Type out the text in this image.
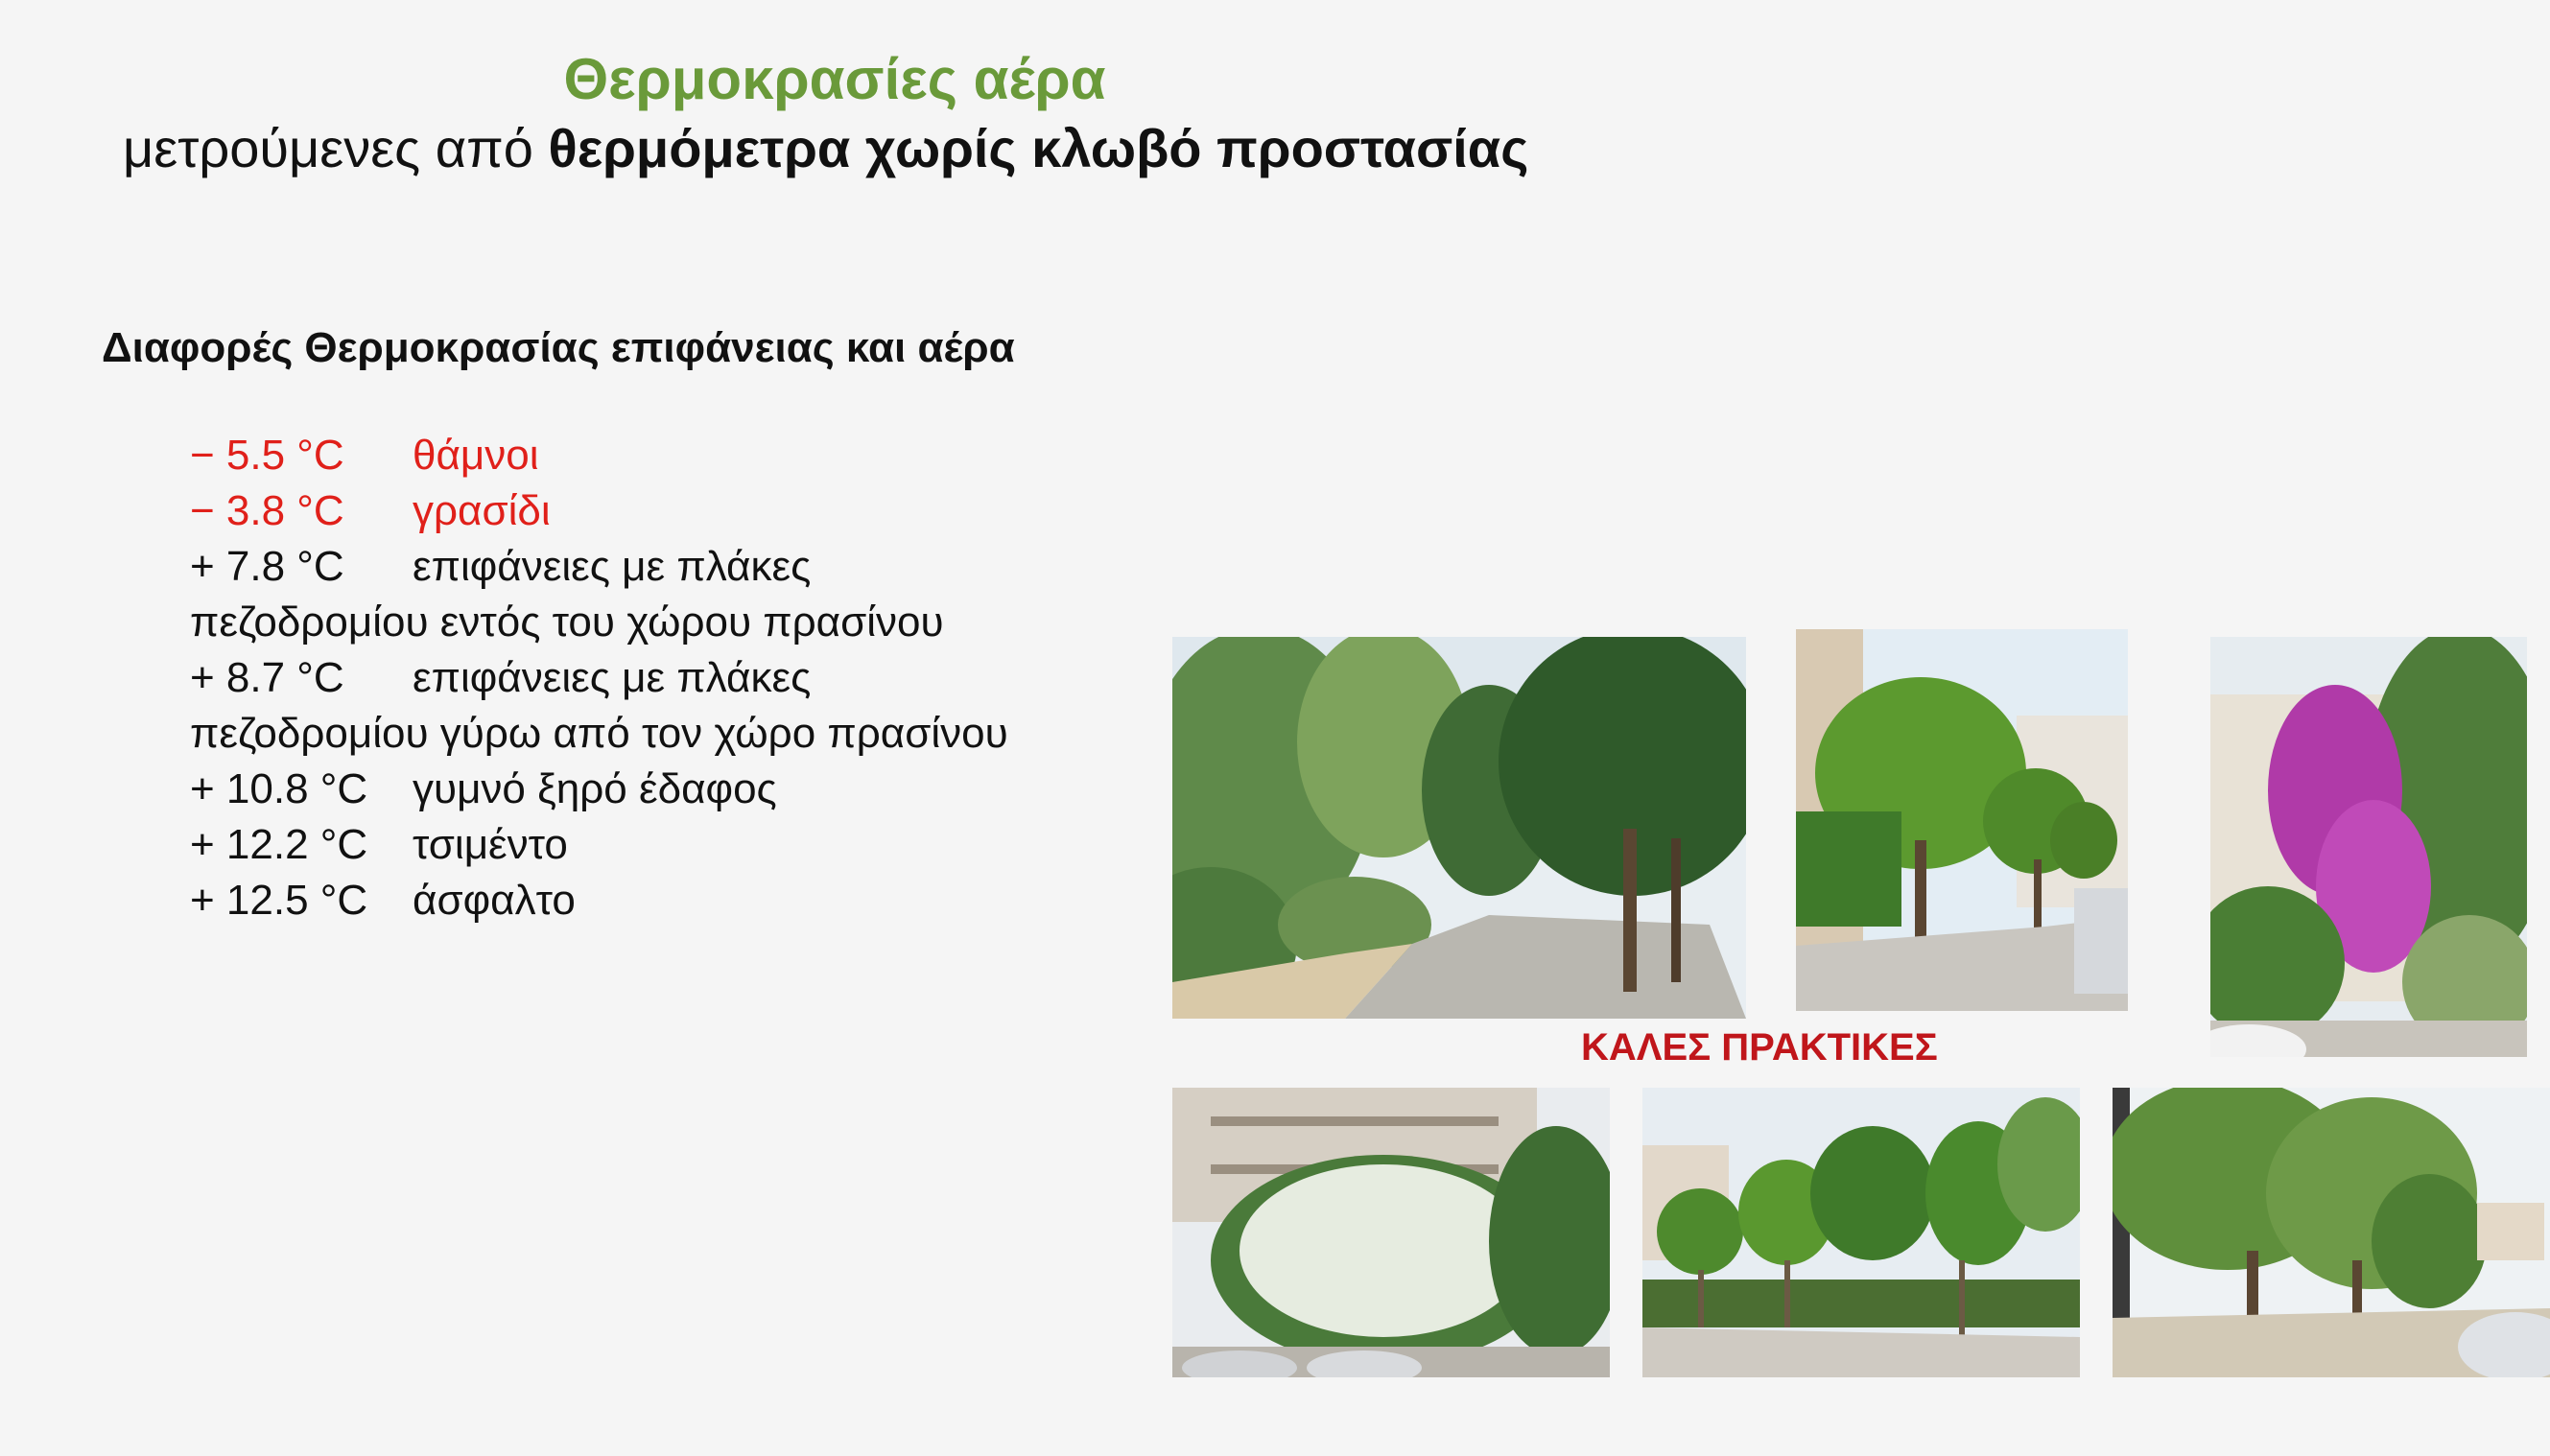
Θερμοκρασίες αέρα
μετρούμενες από θερμόμετρα χωρίς κλωβό προστασίας
Διαφορές Θερμοκρασίας επιφάνειας και αέρα
− 5.5 °C θάμνοι
− 3.8 °C γρασίδι
+ 7.8 °C επιφάνειες με πλάκες
πεζοδρομίου εντός του χώρου πρασίνου
+ 8.7 °C επιφάνειες με πλάκες
πεζοδρομίου γύρω από τον χώρο πρασίνου
+ 10.8 °C γυμνό ξηρό έδαφος
+ 12.2 °C τσιμέντο
+ 12.5 °C άσφαλτο
ΚΑΛΕΣ ΠΡΑΚΤΙΚΕΣ
